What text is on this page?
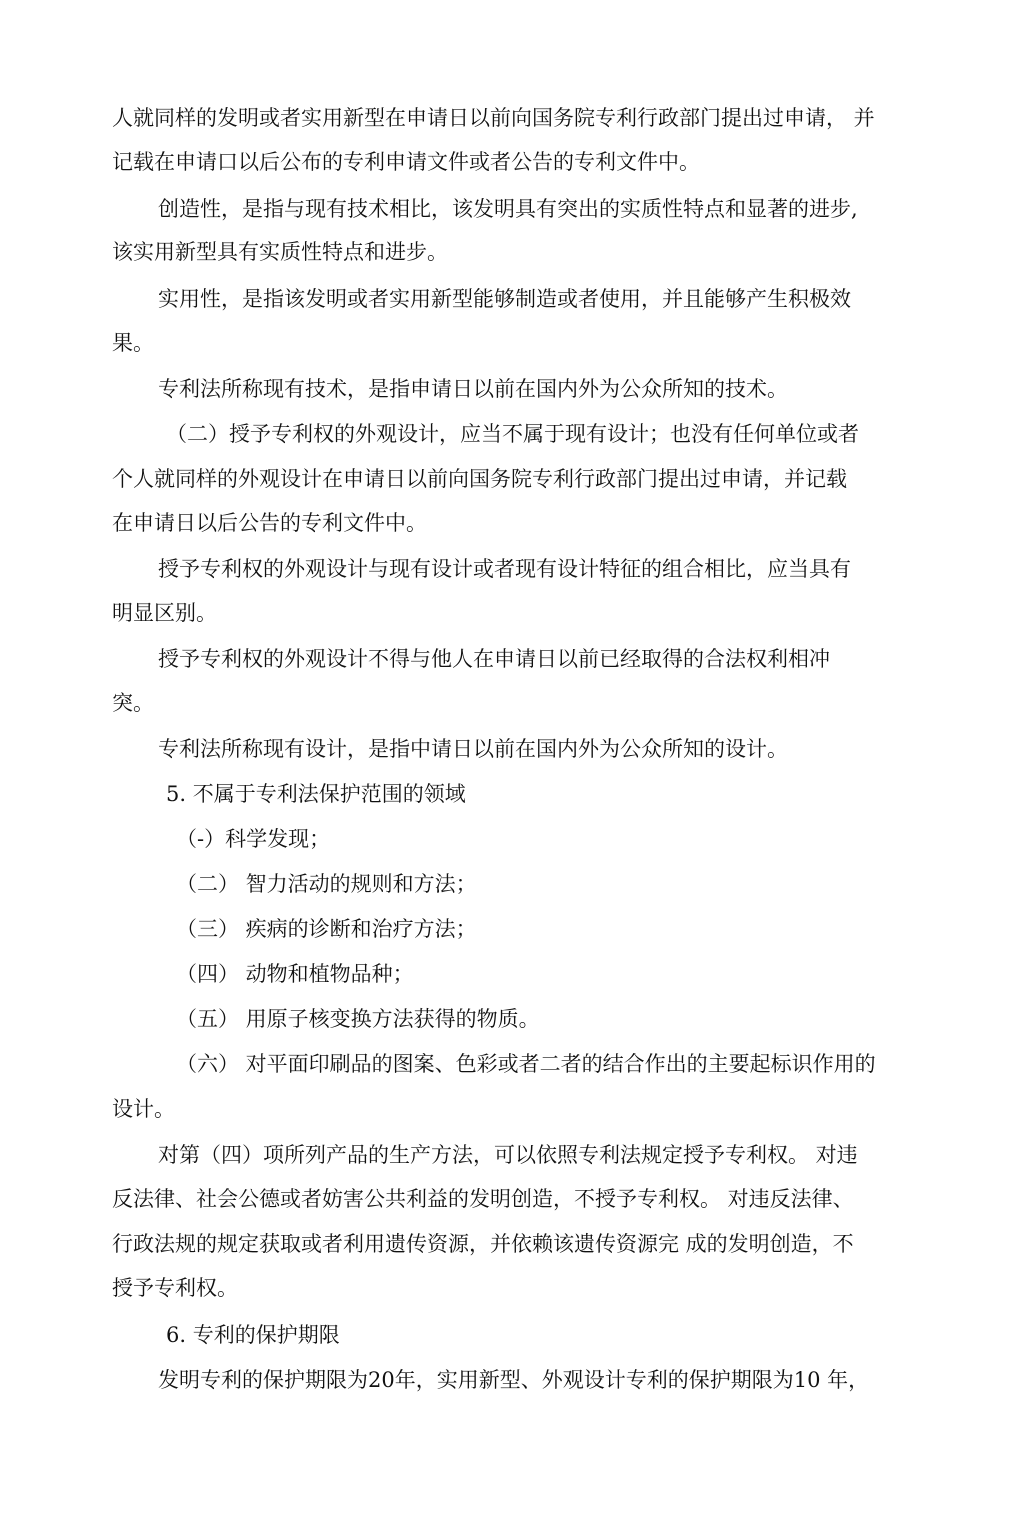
人就同样的发明或者实用新型在申请日以前向国务院专利行政部门提出过申请， 并
记载在申请口以后公布的专利申请文件或者公告的专利文件中。
创造性，是指与现有技术相比，该发明具有突出的实质性特点和显著的进步,
该实用新型具有实质性特点和进步。
实用性，是指该发明或者实用新型能够制造或者使用，并且能够产生积极效
果。
专利法所称现有技术，是指申请日以前在国内外为公众所知的技术。
（二）授予专利权的外观设计，应当不属于现有设计；也没有任何单位或者
个人就同样的外观设计在申请日以前向国务院专利行政部门提出过申请，并记载
在申请日以后公告的专利文件中。
授予专利权的外观设计与现有设计或者现有设计特征的组合相比，应当具有
明显区别。
授予专利权的外观设计不得与他人在申请日以前已经取得的合法权利相冲
突。
专利法所称现有设计，是指中请日以前在国内外为公众所知的设计。
5. 不属于专利法保护范围的领域
（-）科学发现；
（二） 智力活动的规则和方法；
（三） 疾病的诊断和治疗方法；
（四） 动物和植物品种；
（五） 用原子核变换方法获得的物质。
（六） 对平面印刷品的图案、色彩或者二者的结合作出的主要起标识作用的
设计。
对第（四）项所列产品的生产方法，可以依照专利法规定授予专利权。 对违
反法律、社会公德或者妨害公共利益的发明创造，不授予专利权。 对违反法律、
行政法规的规定获取或者利用遗传资源，并依赖该遗传资源完 成的发明创造，不
授予专利权。
6. 专利的保护期限
发明专利的保护期限为20年，实用新型、外观设计专利的保护期限为10 年，
